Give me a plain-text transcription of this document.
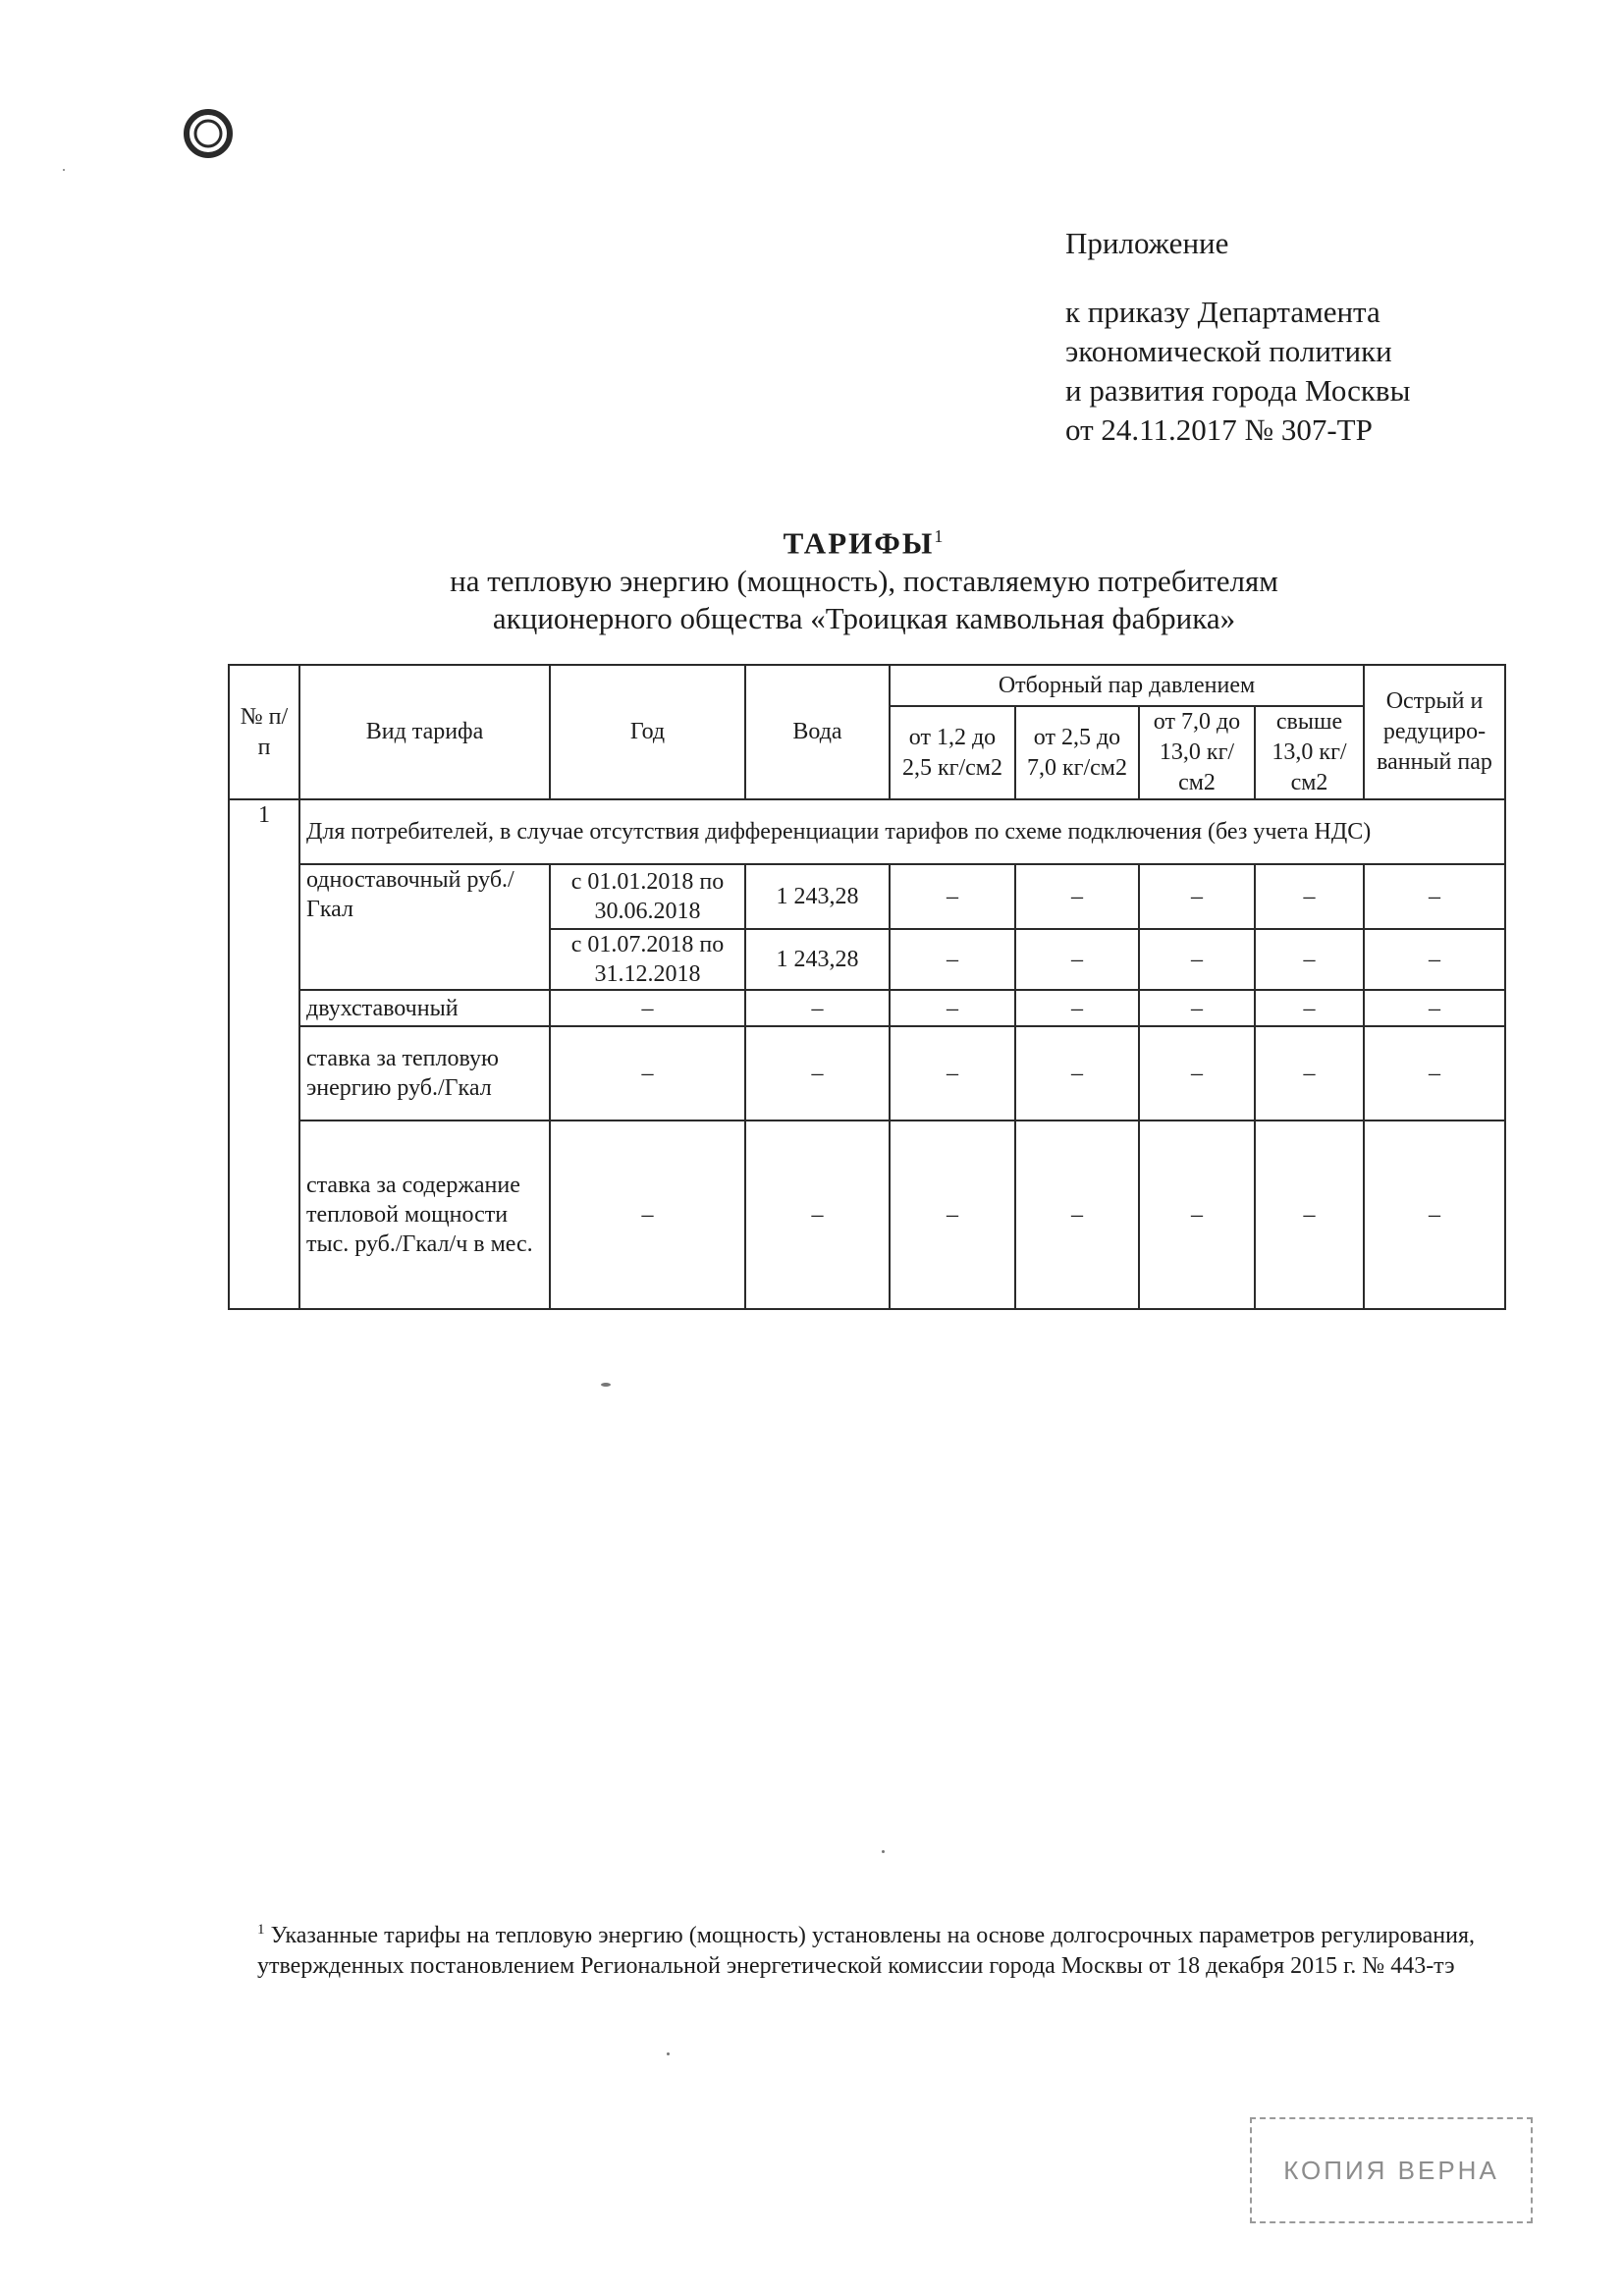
Приложение
к приказу Департамента
экономической политики
и развития города Москвы
от 24.11.2017 № 307-ТР
ТАРИФЫ$^1$
на тепловую энергию (мощность), поставляемую потребителям
акционерного общества «Троицкая камвольная фабрика»
№ п/п	Вид тарифа	Год	Вода	Отборный пар давлением				Острый и редуциро-ванный пар
				от 1,2 до 2,5 кг/см2	от 2,5 до 7,0 кг/см2	от 7,0 до 13,0 кг/см2	свыше 13,0 кг/см2	
1	Для потребителей, в случае отсутствия дифференциации тарифов по схеме подключения (без учета НДС)							
	одноставочный руб./Гкал	с 01.01.2018 по 30.06.2018	1 243,28	–	–	–	–	–
		с 01.07.2018 по 31.12.2018	1 243,28	–	–	–	–	–
	двухставочный	–	–	–	–	–	–	–
	ставка за тепловую энергию руб./Гкал	–	–	–	–	–	–	–
	ставка за содержание тепловой мощности тыс. руб./Гкал/ч в мес.	–	–	–	–	–	–	–
$^1$ Указанные тарифы на тепловую энергию (мощность) установлены на основе долгосрочных параметров регулирования, утвержденных постановлением Региональной энергетической комиссии города Москвы от 18 декабря 2015 г. № 443-тэ
КОПИЯ ВЕРНА
